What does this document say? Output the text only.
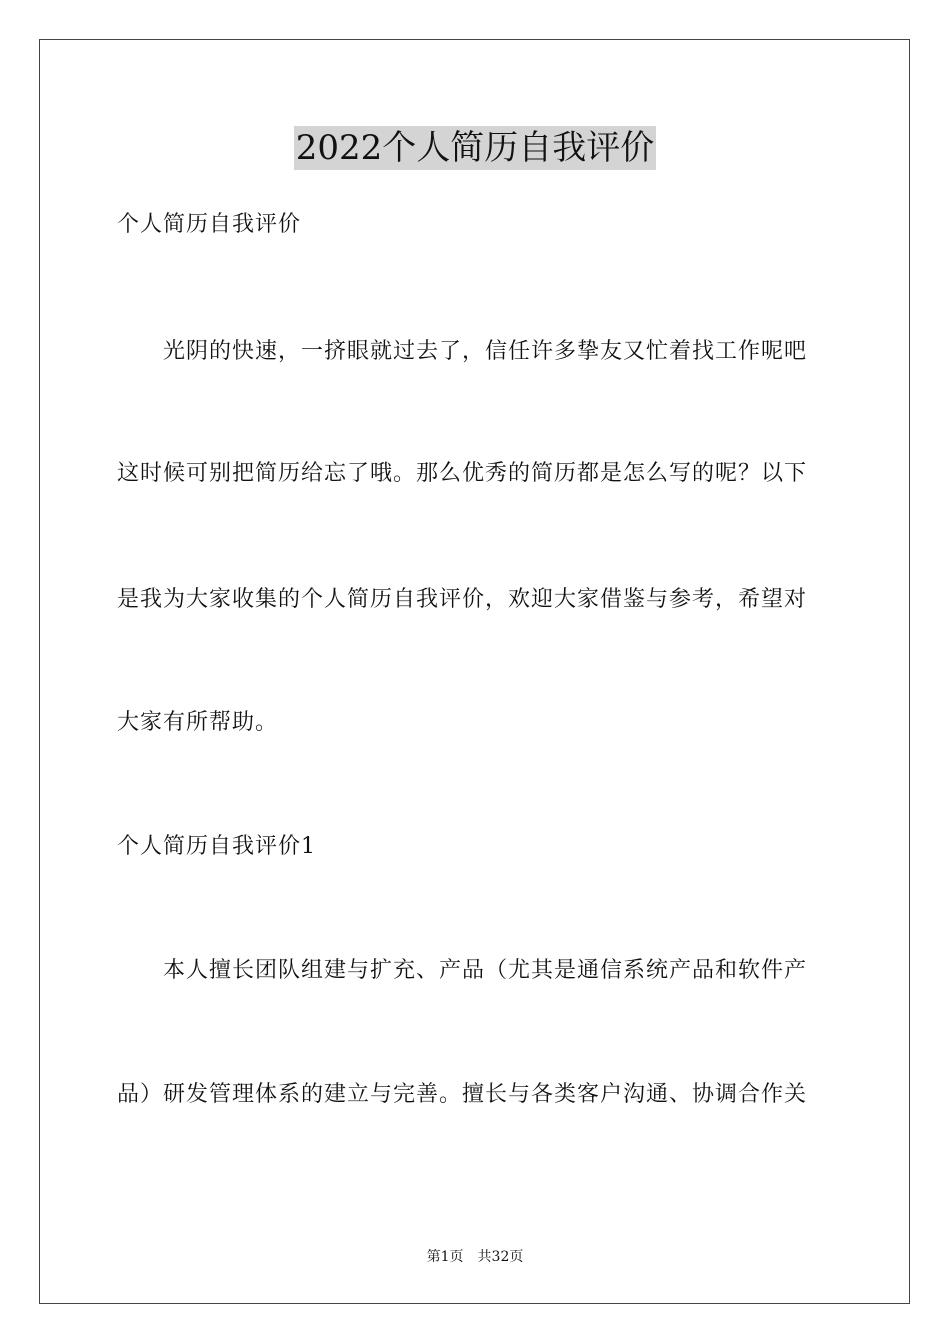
2022个人简历自我评价
个人简历自我评价
光阴的快速，一挤眼就过去了，信任许多挚友又忙着找工作呢吧
这时候可别把简历给忘了哦。那么优秀的简历都是怎么写的呢？以下
是我为大家收集的个人简历自我评价，欢迎大家借鉴与参考，希望对
大家有所帮助。
个人简历自我评价1
本人擅长团队组建与扩充、产品（尤其是通信系统产品和软件产
品）研发管理体系的建立与完善。擅长与各类客户沟通、协调合作关
第1页　共32页
